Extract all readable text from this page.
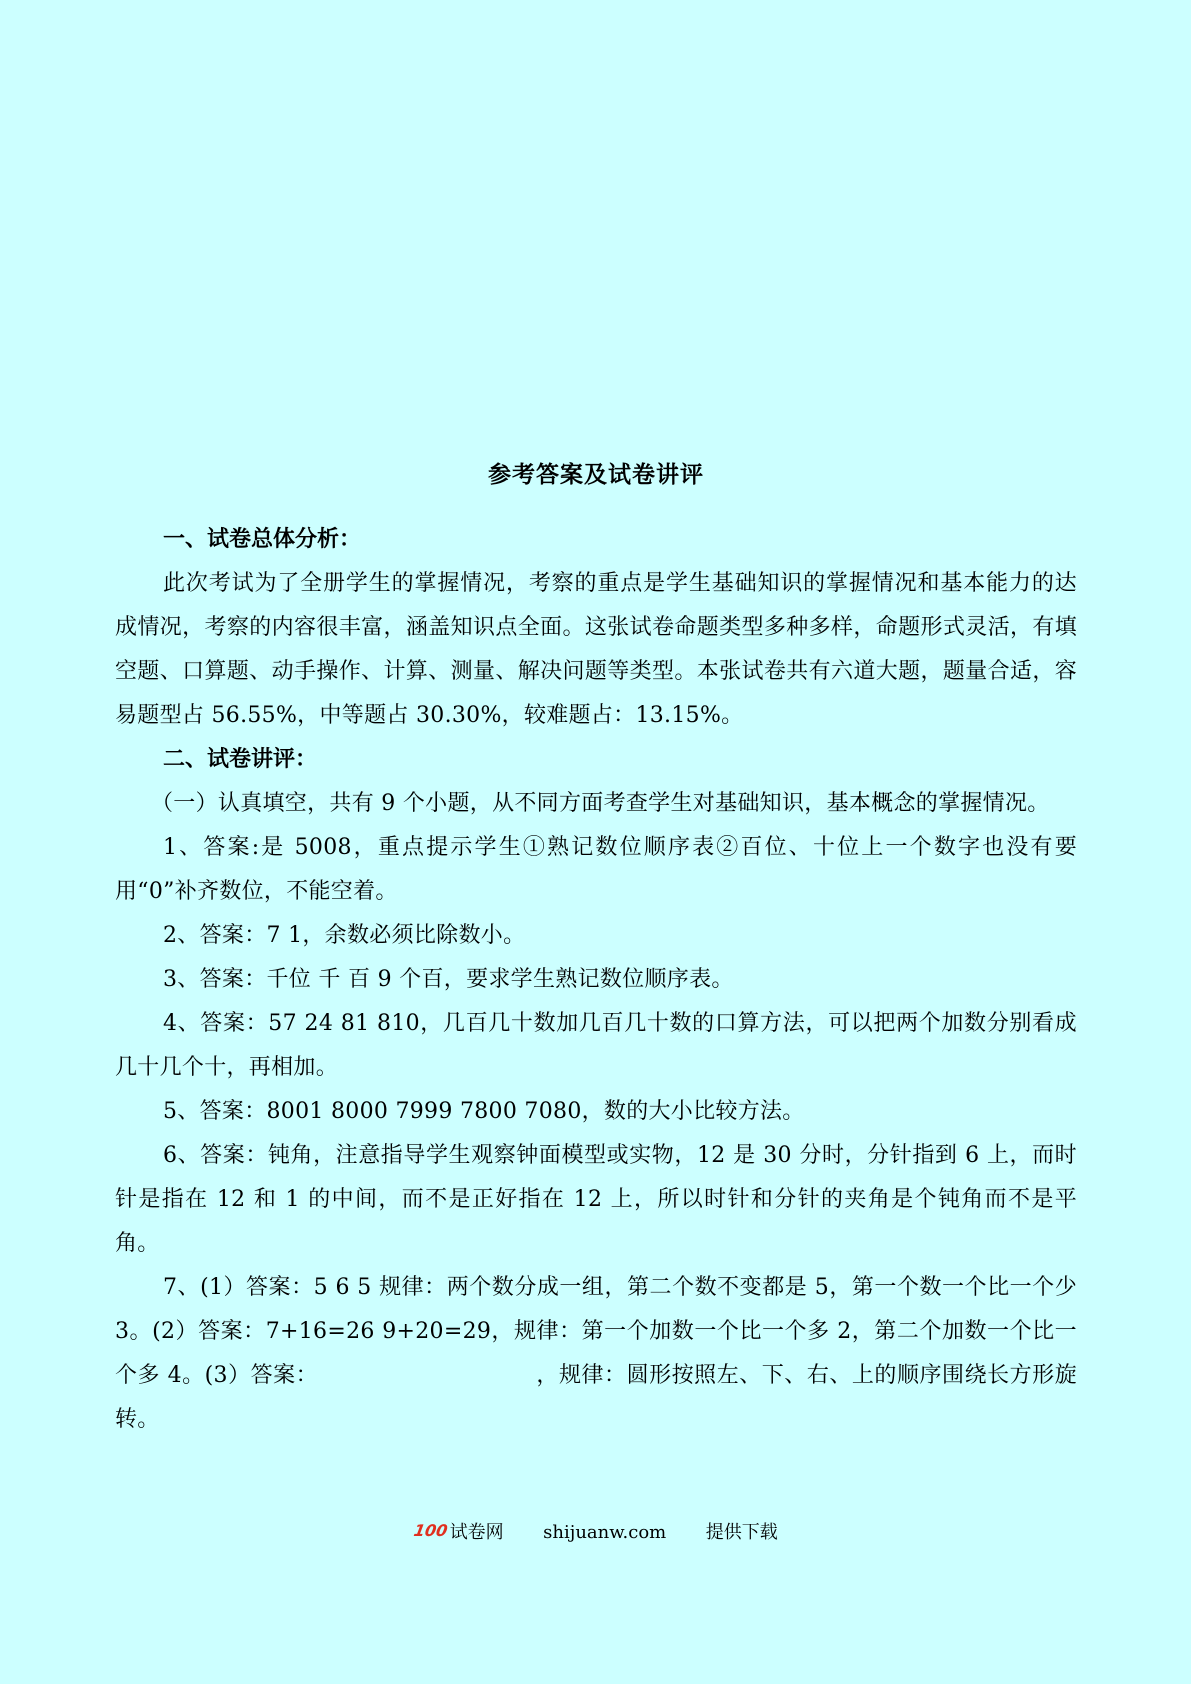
参考答案及试卷讲评

一、试卷总体分析：

此次考试为了全册学生的掌握情况，考察的重点是学生基础知识的掌握情况和基本能力的达成情况，考察的内容很丰富，涵盖知识点全面。这张试卷命题类型多种多样，命题形式灵活，有填空题、口算题、动手操作、计算、测量、解决问题等类型。本张试卷共有六道大题，题量合适，容易题型占 56.55%，中等题占 30.30%，较难题占：13.15%。

二、试卷讲评：

（一）认真填空，共有 9 个小题，从不同方面考查学生对基础知识，基本概念的掌握情况。

1、答案:是 5008，重点提示学生①熟记数位顺序表②百位、十位上一个数字也没有要用“0”补齐数位，不能空着。

2、答案：7 1，余数必须比除数小。

3、答案：千位 千 百 9 个百，要求学生熟记数位顺序表。

4、答案：57 24 81 810，几百几十数加几百几十数的口算方法，可以把两个加数分别看成几十几个十，再相加。

5、答案：8001 8000 7999 7800 7080，数的大小比较方法。

6、答案：钝角，注意指导学生观察钟面模型或实物，12 是 30 分时，分针指到 6 上，而时针是指在 12 和 1 的中间，而不是正好指在 12 上，所以时针和分针的夹角是个钝角而不是平角。

7、(1）答案：5 6 5 规律：两个数分成一组，第二个数不变都是 5，第一个数一个比一个少 3。(2）答案：7+16=26 9+20=29，规律：第一个加数一个比一个多 2，第二个加数一个比一个多 4。(3）答案：	，规律：圆形按照左、下、右、上的顺序围绕长方形旋转。

100试卷网 shijuanw.com 提供下载
